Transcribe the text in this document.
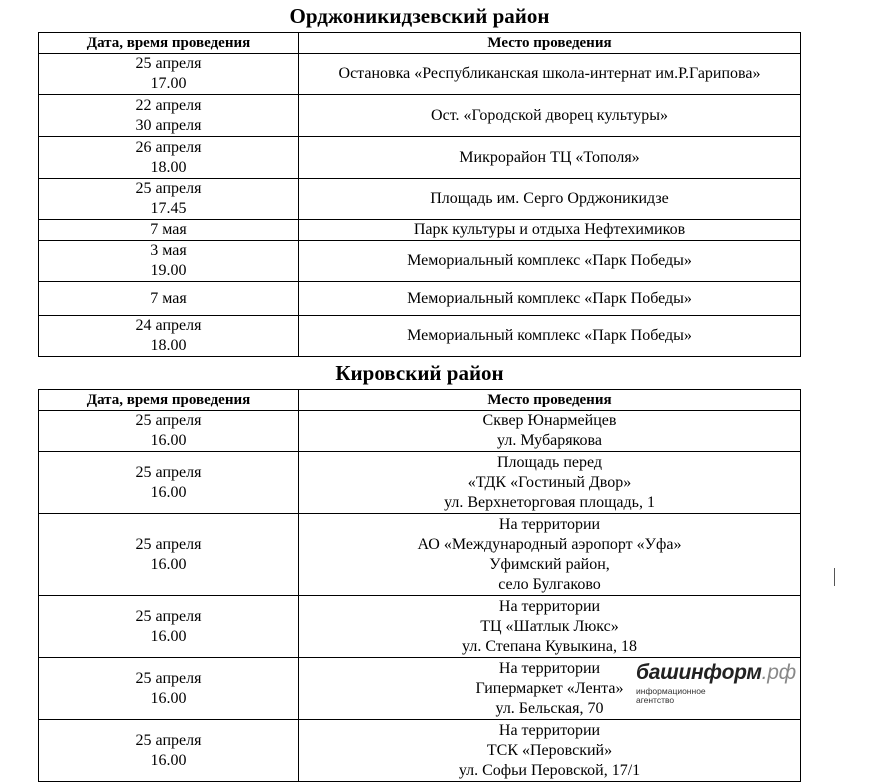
Орджоникидзевский район
Дата, время проведения	Место проведения

25 апреля
17.00	Остановка «Республиканская школа-интернат им.Р.Гарипова»

22 апреля
30 апреля	Ост. «Городской дворец культуры»

26 апреля
18.00	Микрорайон ТЦ «Тополя»

25 апреля
17.45	Площадь им. Серго Орджоникидзе

7 мая	Парк культуры и отдыха Нефтехимиков

3 мая
19.00	Мемориальный комплекс «Парк Победы»

7 мая	Мемориальный комплекс «Парк Победы»

24 апреля
18.00	Мемориальный комплекс «Парк Победы»
Кировский район
Дата, время проведения	Место проведения

25 апреля
16.00	Сквер Юнармейцев
ул. Мубарякова

25 апреля
16.00	Площадь перед
«ТДК «Гостиный Двор»
ул. Верхнеторговая площадь, 1

25 апреля
16.00	На территории
АО «Международный аэропорт «Уфа»
Уфимский район,
село Булгаково

25 апреля
16.00	На территории
ТЦ «Шатлык Люкс»
ул. Степана Кувыкина, 18

25 апреля
16.00	На территории
Гипермаркет «Лента»
ул. Бельская, 70

25 апреля
16.00	На территории
ТСК «Перовский»
ул. Софьи Перовской, 17/1
башинформ.рф
информационное агентство
